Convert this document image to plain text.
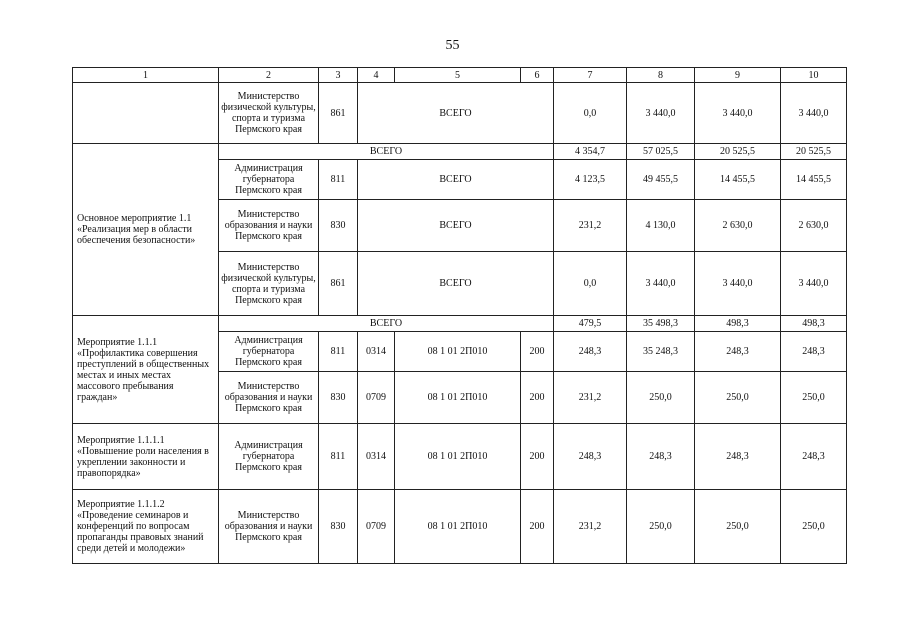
55
1	2	3	4	5	6	7	8	9	10
	Министерство физической культуры, спорта и туризма Пермского края	861	ВСЕГО			0,0	3 440,0	3 440,0	3 440,0
Основное мероприятие 1.1 «Реализация мер в области обеспечения безопасности»	ВСЕГО					4 354,7	57 025,5	20 525,5	20 525,5
	Администрация губернатора Пермского края	811	ВСЕГО			4 123,5	49 455,5	14 455,5	14 455,5
	Министерство образования и науки Пермского края	830	ВСЕГО			231,2	4 130,0	2 630,0	2 630,0
	Министерство физической культуры, спорта и туризма Пермского края	861	ВСЕГО			0,0	3 440,0	3 440,0	3 440,0
Мероприятие 1.1.1 «Профилактика совершения преступлений в общественных местах и иных местах массового пребывания граждан»	ВСЕГО					479,5	35 498,3	498,3	498,3
	Администрация губернатора Пермского края	811	0314	08 1 01 2П010	200	248,3	35 248,3	248,3	248,3
	Министерство образования и науки Пермского края	830	0709	08 1 01 2П010	200	231,2	250,0	250,0	250,0
Мероприятие 1.1.1.1 «Повышение роли населения в укреплении законности и правопорядка»	Администрация губернатора Пермского края	811	0314	08 1 01 2П010	200	248,3	248,3	248,3	248,3
Мероприятие 1.1.1.2 «Проведение семинаров и конференций по вопросам пропаганды правовых знаний среди детей и молодежи»	Министерство образования и науки Пермского края	830	0709	08 1 01 2П010	200	231,2	250,0	250,0	250,0
